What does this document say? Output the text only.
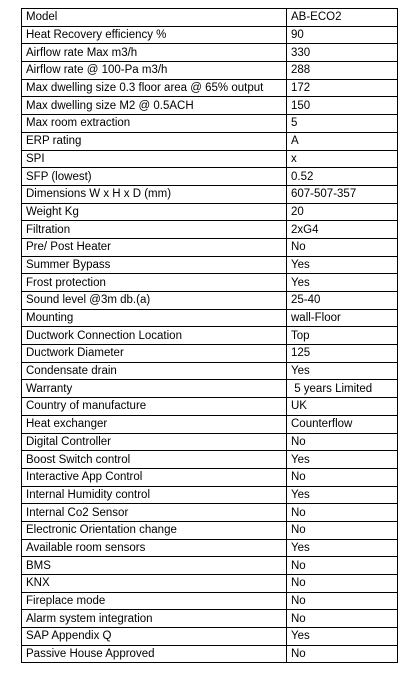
Model	AB-ECO2
Heat Recovery efficiency %	90
Airflow rate Max m3/h	330
Airflow rate @ 100-Pa m3/h	288
Max dwelling size 0.3 floor area @ 65% output	172
Max dwelling size M2 @ 0.5ACH	150
Max room extraction	5
ERP rating	A
SPI	x
SFP (lowest)	0.52
Dimensions W x H x D (mm)	607-507-357
Weight Kg	20
Filtration	2xG4
Pre/ Post Heater	No
Summer Bypass	Yes
Frost protection	Yes
Sound level @3m db.(a)	25-40
Mounting	wall-Floor
Ductwork Connection Location	Top
Ductwork Diameter	125
Condensate drain	Yes
Warranty	5 years Limited
Country of manufacture	UK
Heat exchanger	Counterflow
Digital Controller	No
Boost Switch control	Yes
Interactive App Control	No
Internal Humidity control	Yes
Internal Co2 Sensor	No
Electronic Orientation change	No
Available room sensors	Yes
BMS	No
KNX	No
Fireplace mode	No
Alarm system integration	No
SAP Appendix Q	Yes
Passive House Approved	No
